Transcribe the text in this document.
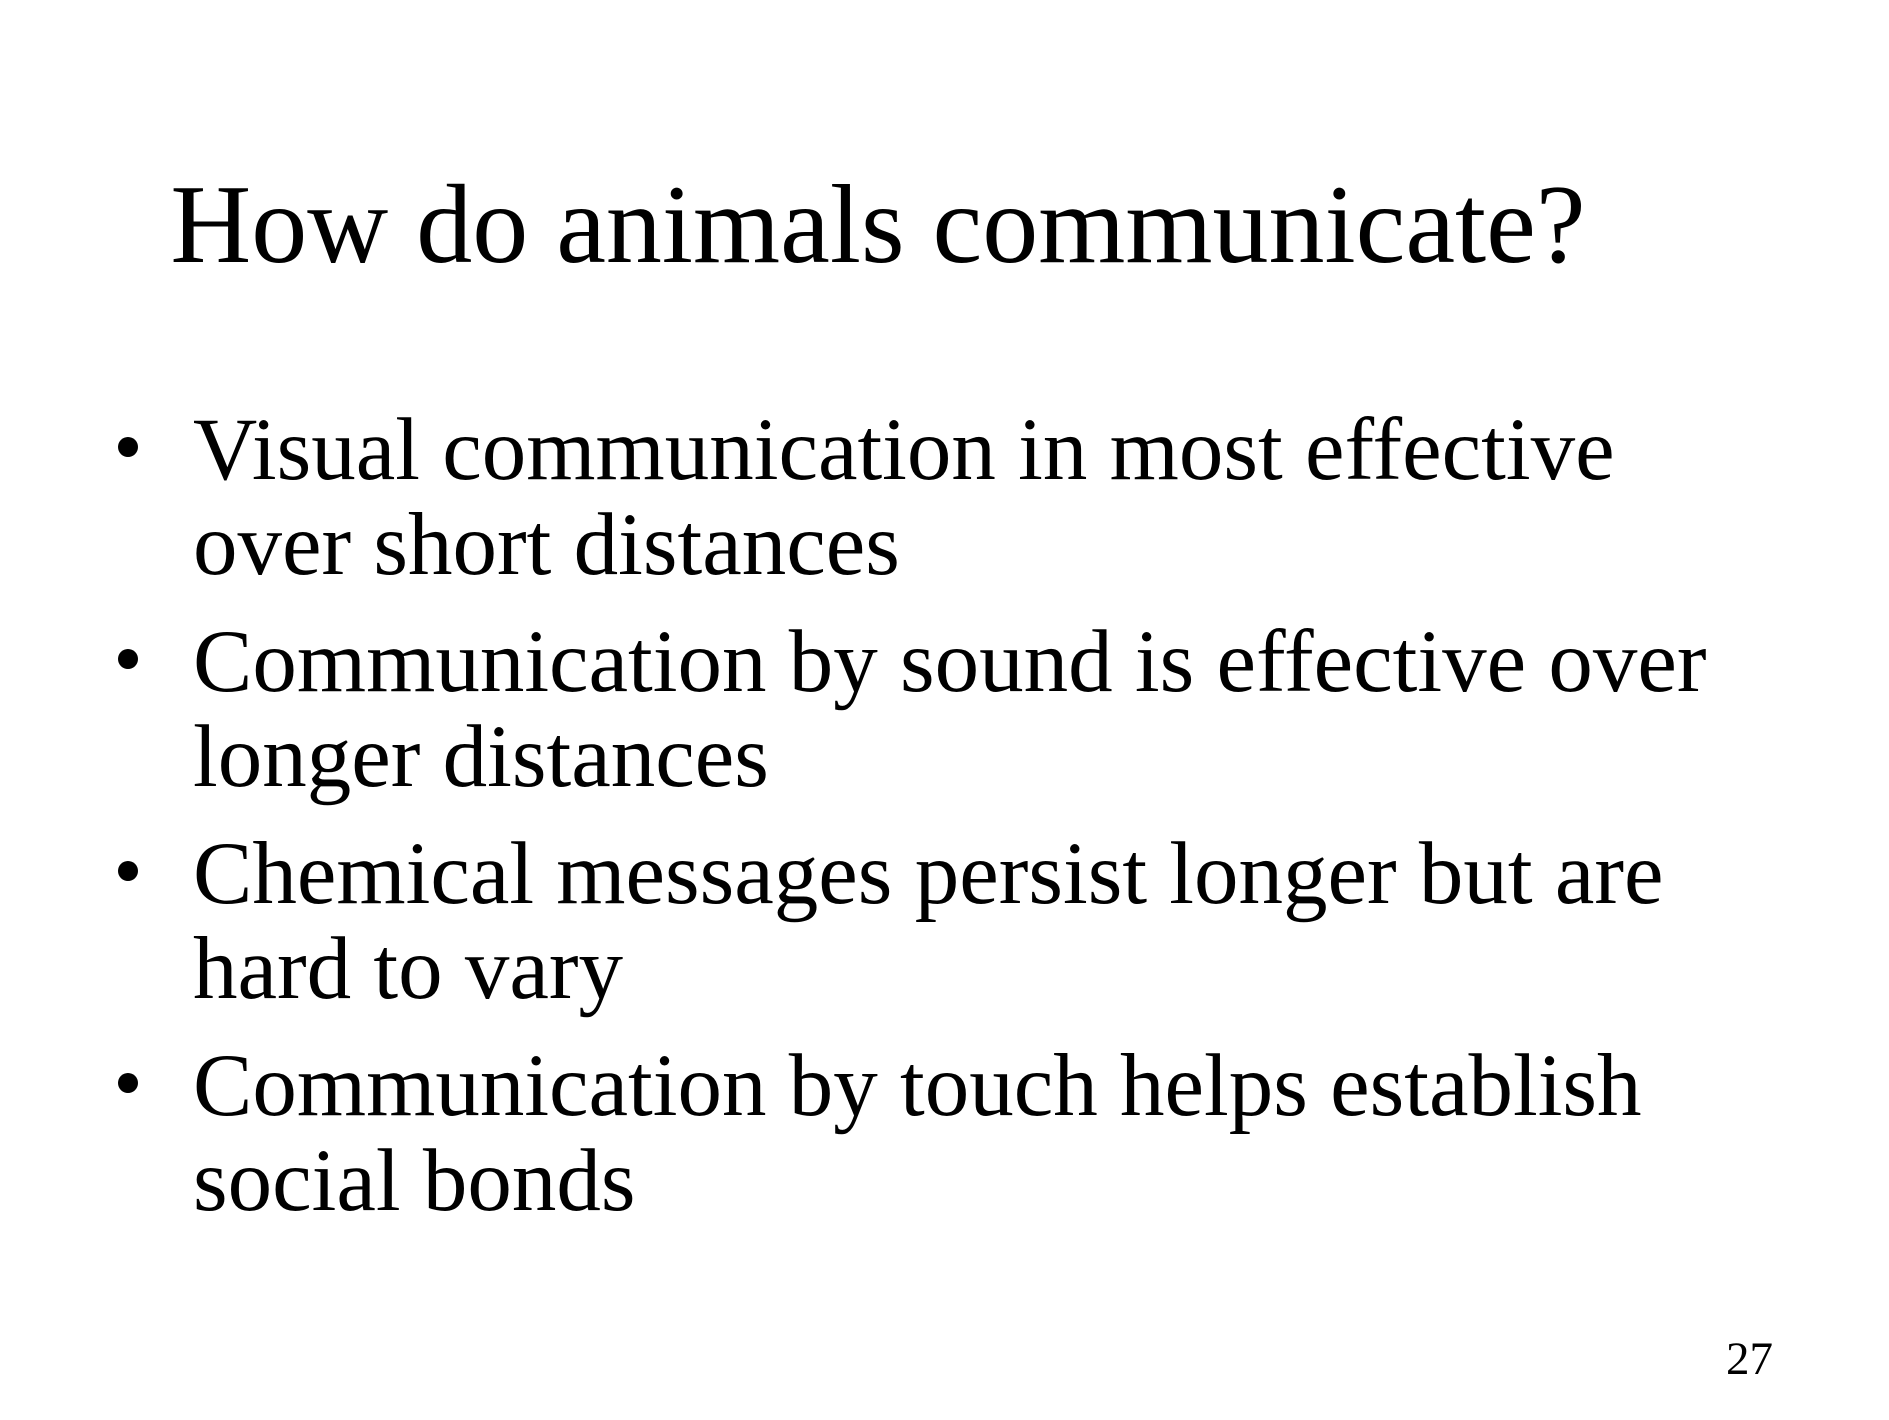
How do animals communicate?
Visual communication in most effective over short distances
Communication by sound is effective over longer distances
Chemical messages persist longer but are hard to vary
Communication by touch helps establish social bonds
27
